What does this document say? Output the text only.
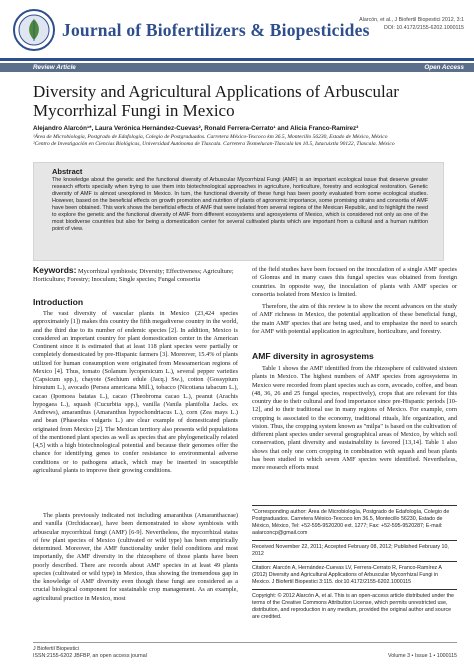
Journal of Biofertilizers & Biopesticides
Alarcón, et al., J Biofertil Biopestici 2012, 3:1
DOI: 10.4172/2155-6202.1000115
Review Article	Open Access
Diversity and Agricultural Applications of Arbuscular Mycorrhizal Fungi in Mexico
Alejandro Alarcón¹*, Laura Verónica Hernández-Cuevas², Ronald Ferrera-Cerrato¹ and Alicia Franco-Ramírez²
¹Área de Microbiología, Postgrado de Edafología, Colegio de Postgraduados. Carretera México-Texcoco km 36.5, Montecillo 56230, Estado de México, México
²Centro de Investigación en Ciencias Biológicas, Universidad Autónoma de Tlaxcala. Carretera Texmelucan-Tlaxcala km 10.5, Ixtacuixtla 90122, Tlaxcala. México
Abstract
The knowledge about the genetic and the functional diversity of Arbuscular Mycorrhizal Fungi (AMF) is an important ecological issue that deserve greater research efforts specially when trying to use them into biotechnological approaches in agriculture, horticulture, forestry and ecological restoration. Genetic diversity of AMF is almost unexplored in Mexico. In turn, the functional diversity of these fungi has been poorly evaluated from some ecological studies. However, based on the beneficial effects on growth promotion and nutrition of plants of agronomic importance, some promising strains and consortia of AMF have been obtained. This work shows the beneficial effects of AMF that were isolated from several regions of the Mexican Republic, and to highlight the need to explore the genetic and the functional diversity of AMF from different ecosystems and agrosystems of Mexico, which is considered not only as one of the most biodiverse countries but also for being a domestication center for several cultivated plants which are important from a cultural and a human nutrition point of view.
Keywords: Mycorrhizal symbiosis; Diversity; Effectiveness; Agriculture; Horticulture; Forestry; Inoculum; Single species; Fungal consortia
Introduction
The vast diversity of vascular plants in Mexico (23,424 species approximately [1]) makes this country the fifth megadiverse country in the world, and the third due to its number of endemic species [2]. In addition, Mexico is considered an important country for plant domestication center in the American Continent since it is estimated that at least 118 plant species were partially or completely domesticated by pre-Hispanic farmers [3]. Moreover, 15.4% of plants utilized for human consumption were originated from Mesoamerican regions of Mexico [4]. Thus, tomato (Solanum lycopersicum L.), several pepper varieties (Capsicum spp.), chayote (Sechium edule (Jacq.) Sw.), cotton (Gossypium hirsutum L.), avocado (Persea americana Mill.), tobacco (Nicotiana tabacum L.), cacao (Ipomoea batatas L.), cacao (Theobroma cacao L.), peanut (Arachis hypogaea L.), squash (Cucurbita spp.), vanilla (Vanila planifolia Jacks. ex Andrews), amaranthus (Amaranthus hypochondriacus L.), corn (Zea mays L.) and bean (Phaseolus vulgaris L.) are clear example of domesticated plants originated from Mexico [2]. The Mexican territory also presents wild populations of the mentioned plant species as well as species that are phylogenetically related [4,5] with a high biotechnological potential and because their genomes offer the chance for identifying genes to confer resistance to environmental adverse conditions or to pathogens attack, which may be inserted in susceptible agricultural plants to improve their growing conditions.
The plants previously indicated not including amaranthus (Amaranthaceae) and vanilla (Orchidaceae), have been demonstrated to show symbiosis with arbuscular mycorrhizal fungi (AMF) [6-9]. Nevertheless, the mycorrhizal status of few plant species of Mexico (cultivated or wild type) has been empirically determined. Moreover, the AMF functionality under field conditions and most importantly, the AMF diversity in the rhizosphere of those plants have been poorly described. There are records about AMF species in at least 49 plants species (cultivated or wild type) in Mexico, thus showing the tremendous gap in the knowledge of AMF diversity even though these fungi are considered as a crucial biological component for sustainable crop management. As an example, agricultural practice in Mexico, most
of the field studies have been focused on the inoculation of a single AMF species of Glomus and in many cases this fungal species was obtained from foreign countries. In opposite way, the inoculation of plants with AMF species or consortia isolated from Mexico is limited.
Therefore, the aim of this review is to show the recent advances on the study of AMF richness in Mexico, the potential application of these beneficial fungi, the main AMF species that are being used, and to emphasize the need to search for AMF with potential application in agriculture, horticulture, and forestry.
AMF diversity in agrosystems
Table 1 shows the AMF identified from the rhizosphere of cultivated sixteen plants in Mexico. The highest numbers of AMF species from agrosystems in Mexico were recorded from plant species such as corn, avocado, coffee, and bean (48, 36, 26 and 25 fungal species, respectively), crops that are relevant for this country due to their cultural and food importance since pre-Hispanic periods [10-12], and to their traditional use in many regions of Mexico. For example, corn cropping is associated to the economy, traditional rituals, life organization, and vision. Thus, the cropping system known as "milpa" is based on the cultivation of different plant species under several geographical areas of Mexico, by which soil conservation, plant diversity and sustainability is favored [13,14]. Table 1 also shows that only one corn cropping in combination with squash and bean plants has been studied in which seven AMF species were identified. Nevertheless, more research efforts must
*Corresponding author: Área de Microbiología, Postgrado de Edafología, Colegio de Postgraduados. Carretera México-Texcoco km 36.5, Montecillo 56230, Estado de México, México, Tel: +52-595-9520200 ext. 1277; Fax: +52-595-9520287; E-mail: aalarconcp@gmail.com
Received November 22, 2011; Accepted February 08, 2012; Published February 10, 2012
Citation: Alarcón A, Hernández-Cuevas LV, Ferrera-Cerrato R, Franco-Ramírez A (2012) Diversity and Agricultural Applications of Arbuscular Mycorrhizal Fungi in Mexico. J Biofertil Biopestici 3:115. doi:10.4172/2155-6202.1000115
Copyright: © 2012 Alarcón A, et al. This is an open-access article distributed under the terms of the Creative Commons Attribution License, which permits unrestricted use, distribution, and reproduction in any medium, provided the original author and source are credited.
J Biofertil Biopestici
ISSN:2155-6202 JBFBP, an open access journal	Volume 3 • Issue 1 • 1000115
